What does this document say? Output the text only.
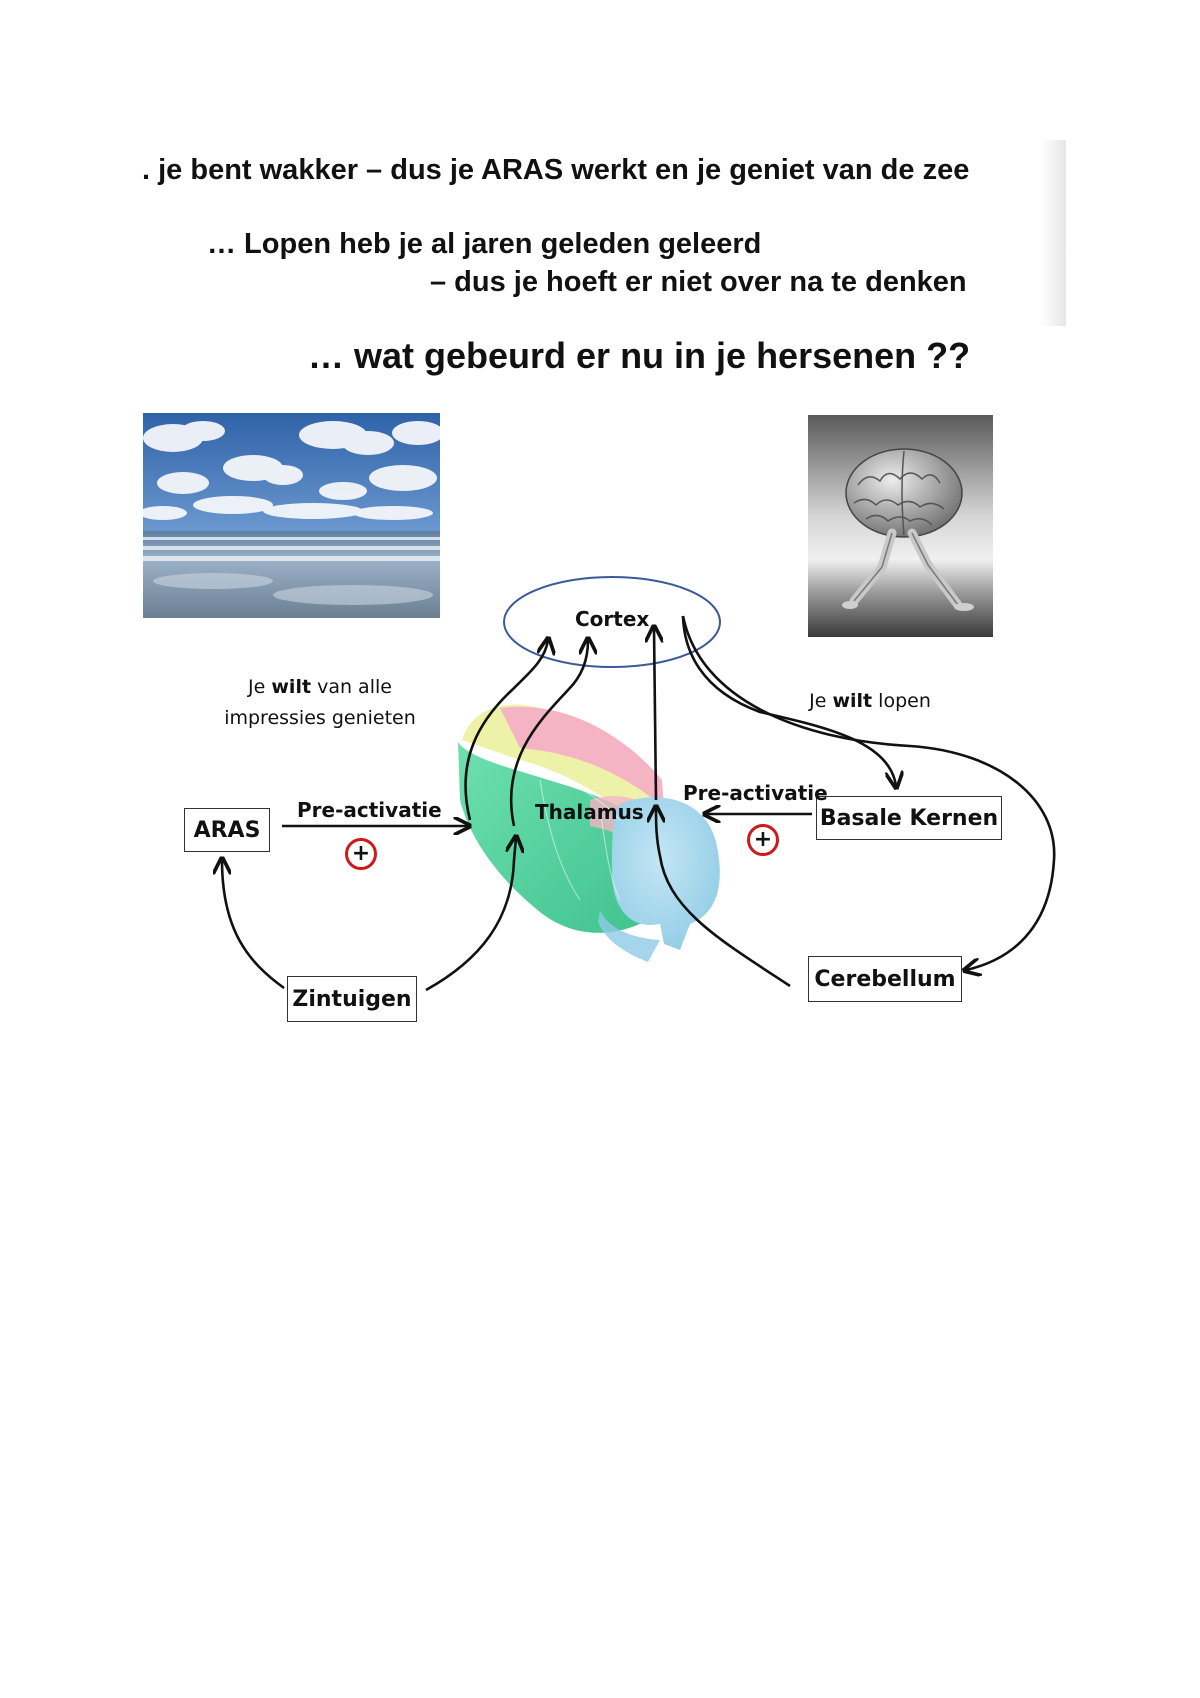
. je bent wakker – dus je ARAS werkt en je geniet van de zee
… Lopen heb je al jaren geleden geleerd
– dus je hoeft er niet over na te denken
… wat gebeurd er nu in je hersenen ??
Cortex
Thalamus
ARAS	Basale Kernen
Zintuigen
Cerebellum
Pre-activatie
Pre-activatie
+
+
Je wilt van alle
impressies genieten
Je wilt lopen
